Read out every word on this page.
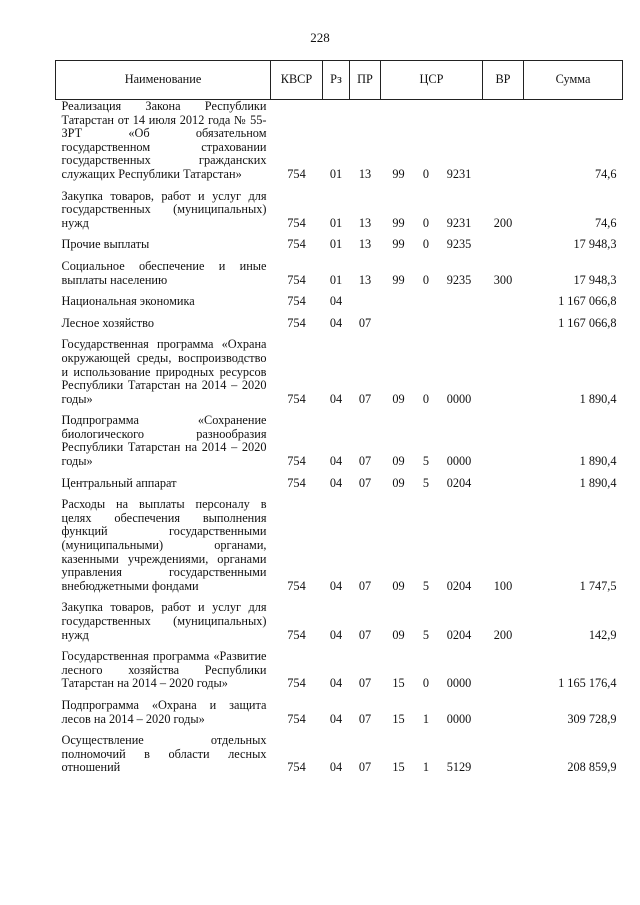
228
Наименование	КВСР	Рз	ПР	ЦСР			ВР	Сумма
Реализация Закона Республики Татарстан от 14 июля 2012 года № 55-ЗРТ «Об обязательном государственном страховании государственных гражданских служащих Республики Татарстан»	754	01	13	99	0	9231		74,6
Закупка товаров, работ и услуг для государственных (муниципальных) нужд	754	01	13	99	0	9231	200	74,6
Прочие выплаты	754	01	13	99	0	9235		17 948,3
Социальное обеспечение и иные выплаты населению	754	01	13	99	0	9235	300	17 948,3
Национальная экономика	754	04						1 167 066,8
Лесное хозяйство	754	04	07					1 167 066,8
Государственная программа «Охрана окружающей среды, воспроизводство и использование природных ресурсов Республики Татарстан на 2014 – 2020 годы»	754	04	07	09	0	0000		1 890,4
Подпрограмма «Сохранение биологического разнообразия Республики Татарстан на 2014 – 2020 годы»	754	04	07	09	5	0000		1 890,4
Центральный аппарат	754	04	07	09	5	0204		1 890,4
Расходы на выплаты персоналу в целях обеспечения выполнения функций государственными (муниципальными) органами, казенными учреждениями, органами управления государственными внебюджетными фондами	754	04	07	09	5	0204	100	1 747,5
Закупка товаров, работ и услуг для государственных (муниципальных) нужд	754	04	07	09	5	0204	200	142,9
Государственная программа «Развитие лесного хозяйства Республики Татарстан на 2014 – 2020 годы»	754	04	07	15	0	0000		1 165 176,4
Подпрограмма «Охрана и защита лесов на 2014 – 2020 годы»	754	04	07	15	1	0000		309 728,9
Осуществление отдельных полномочий в области лесных отношений	754	04	07	15	1	5129		208 859,9
